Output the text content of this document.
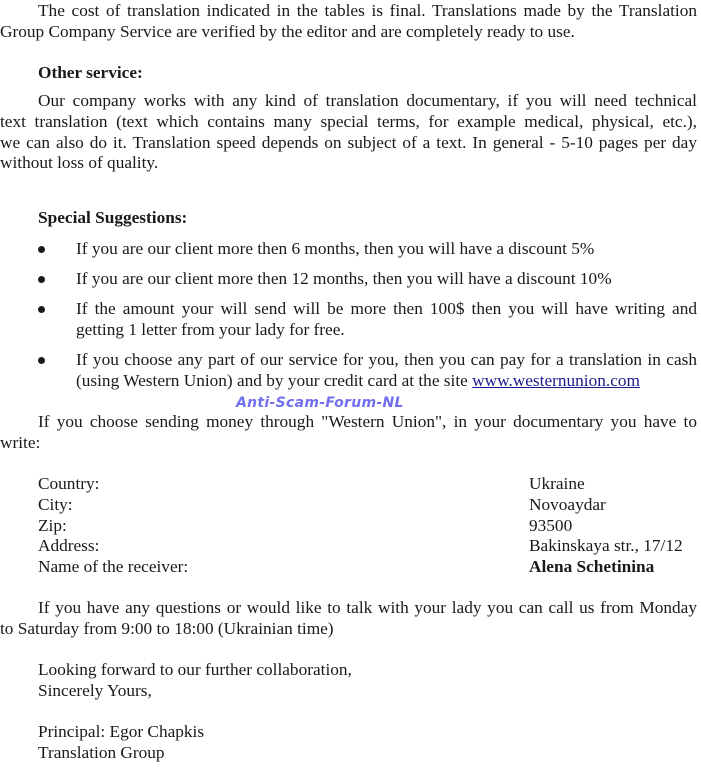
The cost of translation indicated in the tables is final. Translations made by the Translation
Group Company Service are verified by the editor and are completely ready to use.
Other service:
Our company works with any kind of translation documentary, if you will need technical
text translation (text which contains many special terms, for example medical, physical, etc.),
we can also do it. Translation speed depends on subject of a text. In general - 5-10 pages per day
without loss of quality.
Special Suggestions:
If you are our client more then 6 months, then you will have a discount 5%
If you are our client more then 12 months, then you will have a discount 10%
If the amount your will send will be more then 100$ then you will have writing and
getting 1 letter from your lady for free.
If you choose any part of our service for you, then you can pay for a translation in cash
(using Western Union) and by your credit card at the site www.westernunion.com
Anti-Scam-Forum-NL
If you choose sending money through "Western Union", in your documentary you have to
write:
Country:	Ukraine
City:	Novoaydar
Zip:	93500
Address:	Bakinskaya str., 17/12
Name of the receiver:	Alena Schetinina
If you have any questions or would like to talk with your lady you can call us from Monday
to Saturday from 9:00 to 18:00 (Ukrainian time)
Looking forward to our further collaboration,
Sincerely Yours,
Principal: Egor Chapkis
Translation Group
